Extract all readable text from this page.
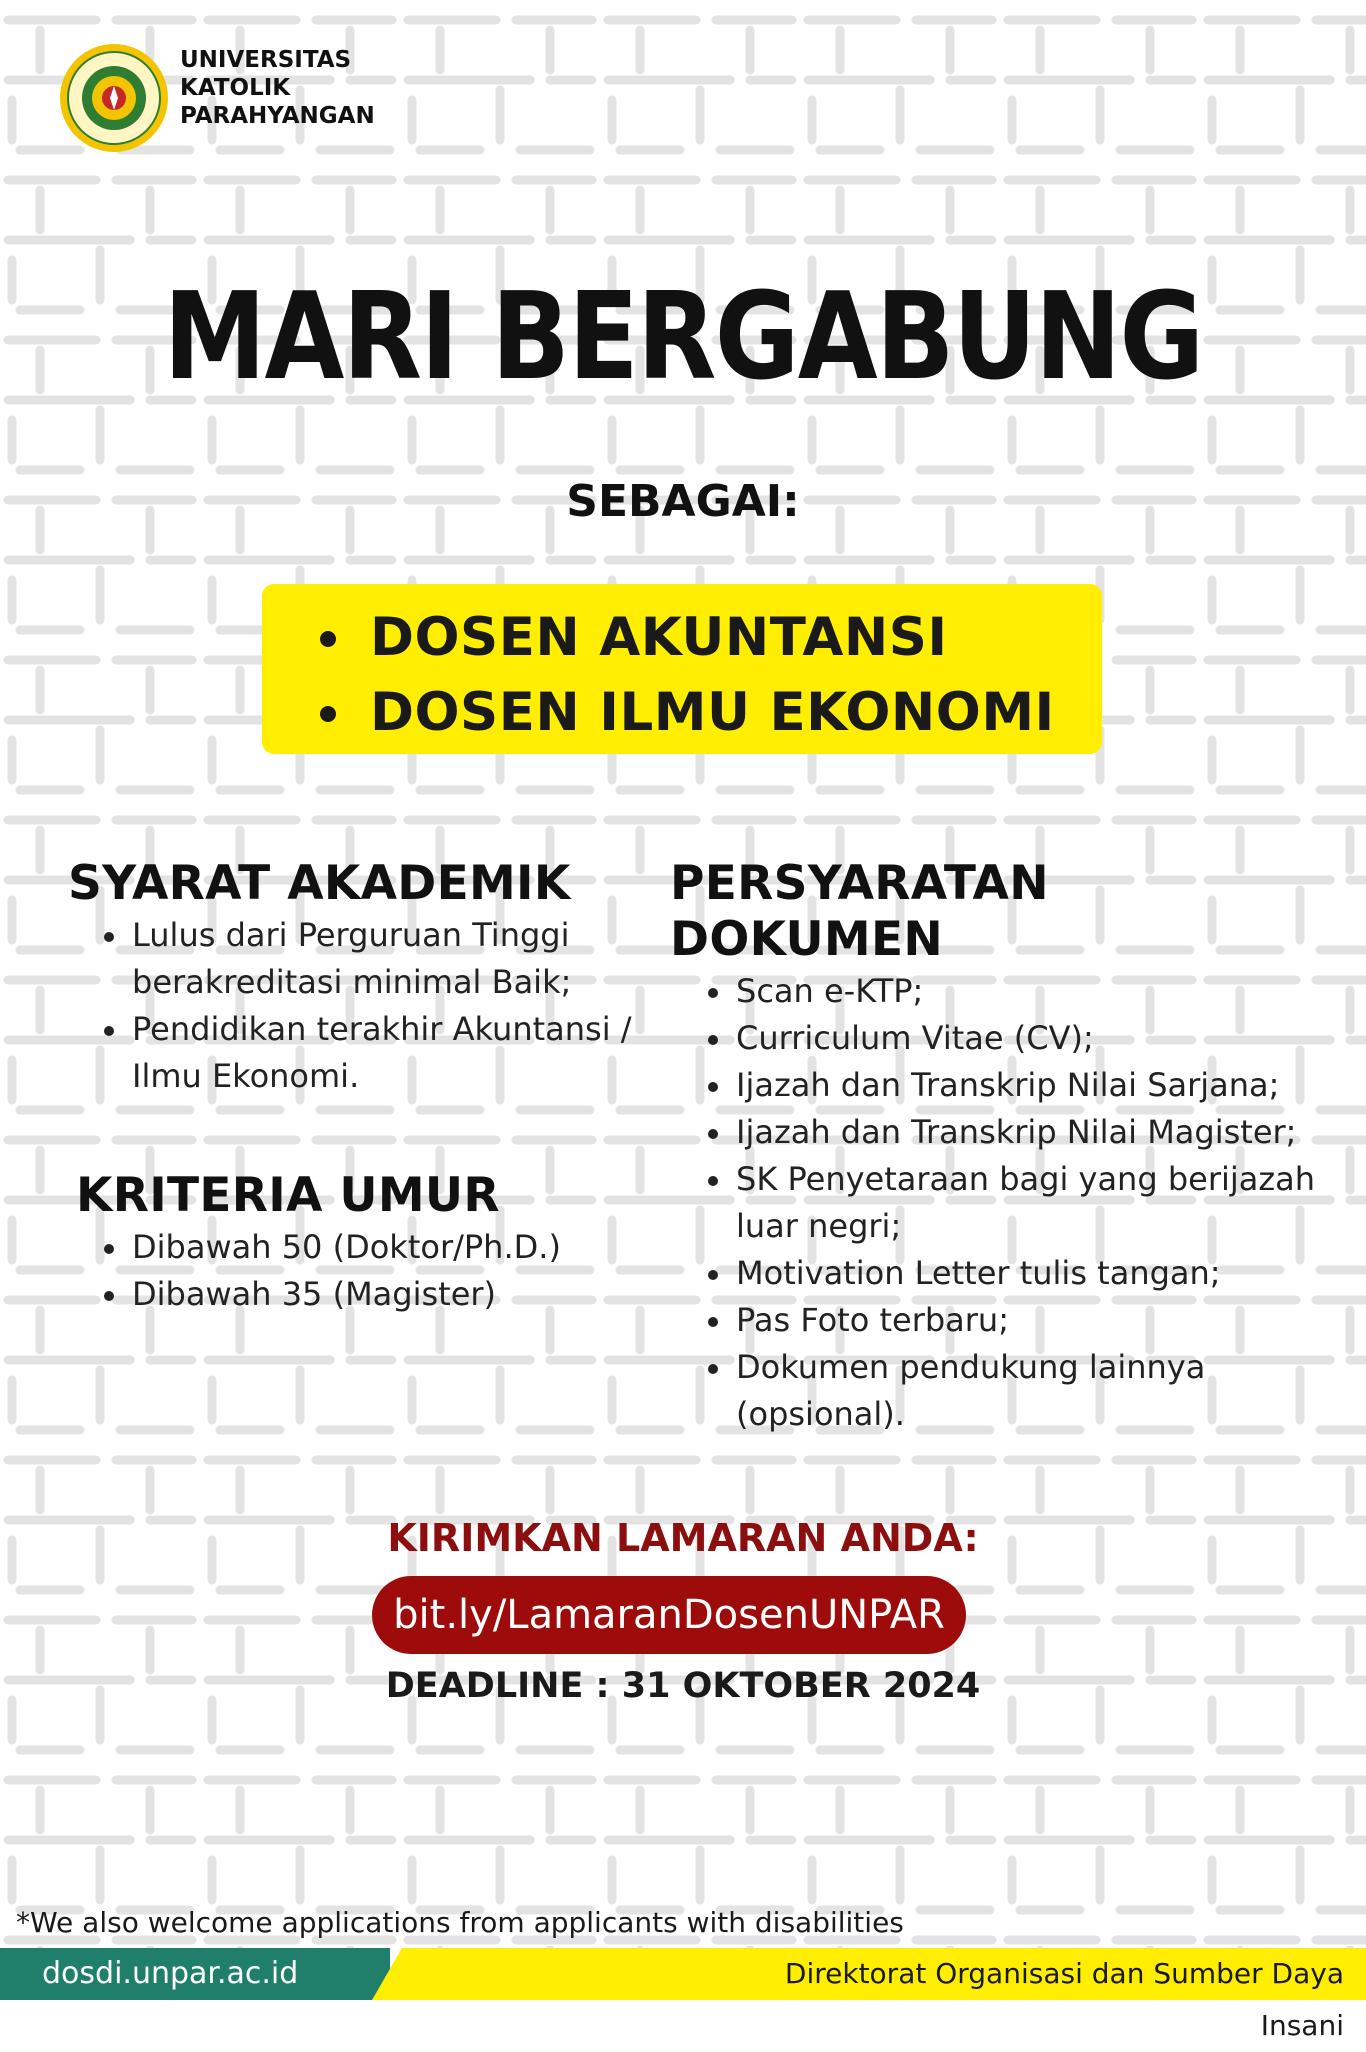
UNIVERSITAS
KATOLIK
PARAHYANGAN
MARI BERGABUNG
SEBAGAI:
DOSEN AKUNTANSI
DOSEN ILMU EKONOMI
SYARAT AKADEMIK
Lulus dari Perguruan Tinggi berakreditasi minimal Baik;
Pendidikan terakhir Akuntansi / Ilmu Ekonomi.
KRITERIA UMUR
Dibawah 50 (Doktor/Ph.D.)
Dibawah 35 (Magister)
PERSYARATAN DOKUMEN
Scan e-KTP;
Curriculum Vitae (CV);
Ijazah dan Transkrip Nilai Sarjana;
Ijazah dan Transkrip Nilai Magister;
SK Penyetaraan bagi yang berijazah luar negri;
Motivation Letter tulis tangan;
Pas Foto terbaru;
Dokumen pendukung lainnya (opsional).
KIRIMKAN LAMARAN ANDA:
bit.ly/LamaranDosenUNPAR
DEADLINE : 31 OKTOBER 2024
*We also welcome applications from applicants with disabilities
dosdi.unpar.ac.id	Direktorat Organisasi dan Sumber Daya Insani
